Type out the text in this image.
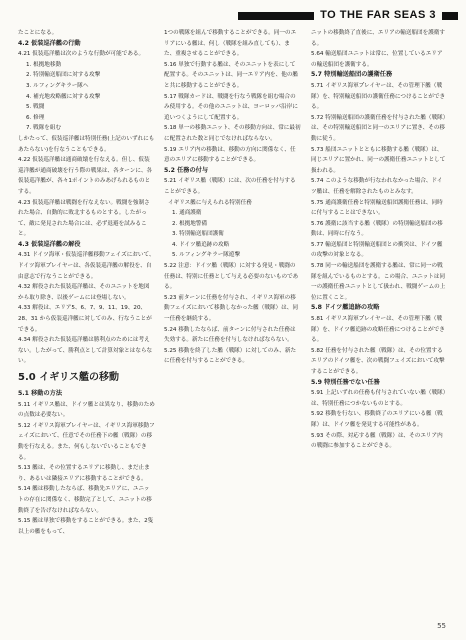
TO THE FAR SEAS 3

たことになる。

4.2 仮装巡洋艦の行動

4.21 仮装巡洋艦は次のような行動が可能である。

1. 根拠地移動

2. 特別輸送船団に対する攻撃

3. ルフィングキラー隊へ

4. 補充地攻略艦に対する攻撃

5. 戦闘

6. 修理

7. 戦隊を組む

しかたって、仮装巡洋艦は特別任務(上記のいずれにもあたらない)を行なうこともできる。

4.22 仮装巡洋艦は通商破壊を行なえる。但し、仮装巡洋艦が通商破壊を行う際の戦果は、各ターンに、各仮装巡洋艦が、各々1ポイントのみあげられるものとする。

4.23 仮装巡洋艦は戦闘を行なえない。戦闘を強制された場合、自動的に敗北するものとする。したがって、敵に発見された場合には、必ず退避を試みること。

4.3 仮装巡洋艦の解役

4.31 ドイツ海軍・仮装巡洋艦移動フェイズにおいて、ドイツ海軍プレイヤーは、各仮装巡洋艦の解役を、自由意志で行なうことができる。

4.32 解役された仮装巡洋艦は、そのユニットを地図から取り除き、以後ゲームには登場しない。

4.33 解役は、エリア5、6、7、9、11、19、20、28、31 から仮装巡洋艦に対してのみ、行なうことができる。

4.34 解役された仮装巡洋艦は勝利点のためには考えない。したがって、勝利点として計算対象とはならない。

5.0 イギリス艦の移動

5.1 移動の方法

5.11 イギリス艦は、ドイツ艦とは異なり、移動のための点数は必要ない。

5.12 イギリス海軍プレイヤーは、イギリス海軍移動フェイズにおいて、任意でその任務下の艦（戦隊）の移動を行なえる。また、何もしないでいることもできる。

5.13 艦は、その位置するエリアに移動し、まだ止まり、あるいは隣接エリアに移動することができる。

5.14 艦は移動したならば、移動先エリアに、ユニットの存在に関係なく、移動完了として、ユニットの移動終了を告げなければならない。

5.15 艦は単独で移動をすることができる。また、2隻以上の艦をもって、

1つの戦隊を組んで移動することができる。同一のエリアにいる艦は、何し（戦隊を組み直しても）、また、重複させることができる。

5.16 単独で行動する艦は、そのユニットを表にして配置する。そのユニットは、同一エリア内を、他の艦と共に移動することができる。

5.17 戦隊カードは、戦闘を行なう戦隊を組む場合のみ使用する。その他のユニットは、ヨーロッパ沿岸に追いつくようにして配置する。

5.18 単一の移動ユニット、その移動方向は、常に最初に配置された数と同じでなければならない。

5.19 エリア内の移動は、移動の方向に関係なく、任意のエリアに移動することができる。

5.2 任務の付与

5.21 イギリス艦（戦隊）には、次の任務を付与することができる。

イギリス艦に与えられる特別任務

1. 通商護衛

2. 根拠地警備

3. 特別輸送船団護衛

4. ドイツ艦追跡の攻略

5. ルフィングキラー隊遊撃

5.22 注意：ドイツ艦（戦隊）に対する発見・戦闘の任務は、特別に任務として与える必要のないものである。

5.23 前ターンに任務を付与され、イギリス海軍の移動フェイズにおいて移動しなかった艦（戦隊）は、同一任務を継続する。

5.24 移動したならば、前ターンに付与された任務は失効する。新たに任務を付与しなければならない。

5.25 移動を終了した艦（戦隊）に対してのみ、新たに任務を付与することができる。

ニットの移動終了直後に、エリアの輸送船団を護衛する。

5.64 輸送船団ユニットは常に、位置しているエリアの輸送船団を護衛する。

5.7 特別輸送船団の護衛任務

5.71 イギリス海軍プレイヤーは、その管理下艦（戦隊）を、特別輸送船団の護衛任務につけることができる。

5.72 特別輸送船団の護衛任務を付与された艦（戦隊）は、その特別輸送船団と同一のエリアに置き、その移動に従う。

5.73 船団ユニットとともに移動する艦（戦隊）は、同じエリアに置かれ、同一の護衛任務ユニットとして扱われる。

5.74 このような移動が行なわれなかった場合、ドイツ艦は、任務を解除されたものとみなす。

5.75 通商護衛任務と特別輸送船団護衛任務は、同時に付与することはできない。

5.76 護衛に該当する艦（戦隊）の特別輸送船団の移動は、同時に行なう。

5.77 輸送船団と特別輸送船団との衝突は、ドイツ艦の攻撃の対象となる。

5.78 同一の輸送船団を護衛する艦は、常に同一の戦隊を組んでいるものとする。この場合、ユニットは同一の護衛任務ユニットとして扱われ、戦闘ゲームの上位に置くこと。

5.8 ドイツ艦追跡の攻略

5.81 イギリス海軍プレイヤーは、その管理下艦（戦隊）を、ドイツ艦追跡の攻略任務につけることができる。

5.82 任務を付与された艦（戦隊）は、その位置するエリアのドイツ艦を、次の戦闘フェイズにおいて攻撃することができる。

5.9 特別任務でない任務

5.91 上記いずれの任務も付与されていない艦（戦隊）は、特別任務につかないものとする。

5.92 移動を行ない、移動終了のエリアにいる艦（戦隊）は、ドイツ艦を発見する可能性がある。

5.93 その際、対応する艦（戦隊）は、そのエリア内の戦闘に参加することができる。

55
